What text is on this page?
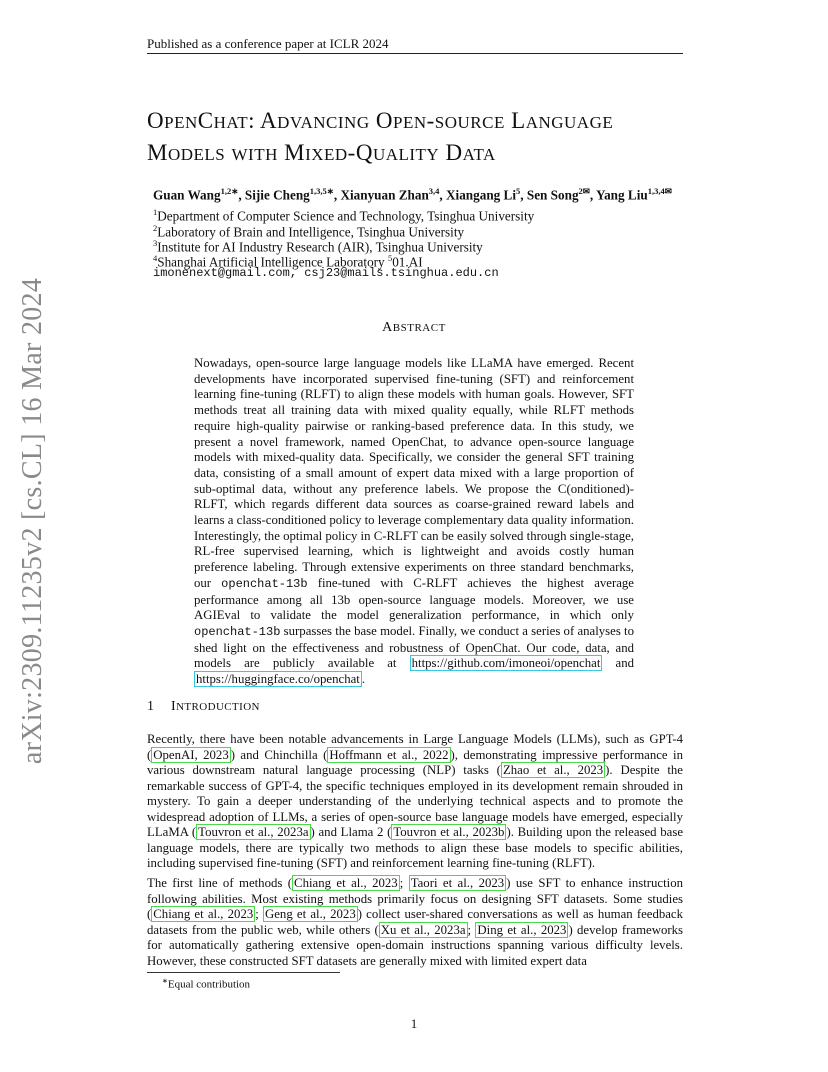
Published as a conference paper at ICLR 2024
arXiv:2309.11235v2 [cs.CL] 16 Mar 2024
OPENCHAT: ADVANCING OPEN-SOURCE LANGUAGE
MODELS WITH MIXED-QUALITY DATA
Guan Wang$^{1,2∗}$, Sijie Cheng$^{1,3,5∗}$, Xianyuan Zhan$^{3,4}$, Xiangang Li$^5$, Sen Song$^{2✉}$, Yang Liu$^{1,3,4✉}$
$^1$Department of Computer Science and Technology, Tsinghua University
$^2$Laboratory of Brain and Intelligence, Tsinghua University
$^3$Institute for AI Industry Research (AIR), Tsinghua University
$^4$Shanghai Artificial Intelligence Laboratory $^5$01.AI
imonenext@gmail.com, csj23@mails.tsinghua.edu.cn
ABSTRACT
Nowadays, open-source large language models like LLaMA have emerged. Recent developments have incorporated supervised fine-tuning (SFT) and reinforcement learning fine-tuning (RLFT) to align these models with human goals. However, SFT methods treat all training data with mixed quality equally, while RLFT methods require high-quality pairwise or ranking-based preference data. In this study, we present a novel framework, named OpenChat, to advance open-source language models with mixed-quality data. Specifically, we consider the general SFT training data, consisting of a small amount of expert data mixed with a large proportion of sub-optimal data, without any preference labels. We propose the C(onditioned)-RLFT, which regards different data sources as coarse-grained reward labels and learns a class-conditioned policy to leverage complementary data quality information. Interestingly, the optimal policy in C-RLFT can be easily solved through single-stage, RL-free supervised learning, which is lightweight and avoids costly human preference labeling. Through extensive experiments on three standard benchmarks, our openchat-13b fine-tuned with C-RLFT achieves the highest average performance among all 13b open-source language models. Moreover, we use AGIEval to validate the model generalization performance, in which only openchat-13b surpasses the base model. Finally, we conduct a series of analyses to shed light on the effectiveness and robustness of OpenChat. Our code, data, and models are publicly available at https://github.com/imoneoi/openchat and https://huggingface.co/openchat .
1 INTRODUCTION
Recently, there have been notable advancements in Large Language Models (LLMs), such as GPT-4 ( OpenAI, 2023 ) and Chinchilla ( Hoffmann et al., 2022 ), demonstrating impressive performance in various downstream natural language processing (NLP) tasks ( Zhao et al., 2023 ). Despite the remarkable success of GPT-4, the specific techniques employed in its development remain shrouded in mystery. To gain a deeper understanding of the underlying technical aspects and to promote the widespread adoption of LLMs, a series of open-source base language models have emerged, especially LLaMA ( Touvron et al., 2023a ) and Llama 2 ( Touvron et al., 2023b ). Building upon the released base language models, there are typically two methods to align these base models to specific abilities, including supervised fine-tuning (SFT) and reinforcement learning fine-tuning (RLFT).
The first line of methods ( Chiang et al., 2023 ; Taori et al., 2023 ) use SFT to enhance instruction following abilities. Most existing methods primarily focus on designing SFT datasets. Some studies ( Chiang et al., 2023 ; Geng et al., 2023 ) collect user-shared conversations as well as human feedback datasets from the public web, while others ( Xu et al., 2023a ; Ding et al., 2023 ) develop frameworks for automatically gathering extensive open-domain instructions spanning various difficulty levels. However, these constructed SFT datasets are generally mixed with limited expert data
∗Equal contribution
1
